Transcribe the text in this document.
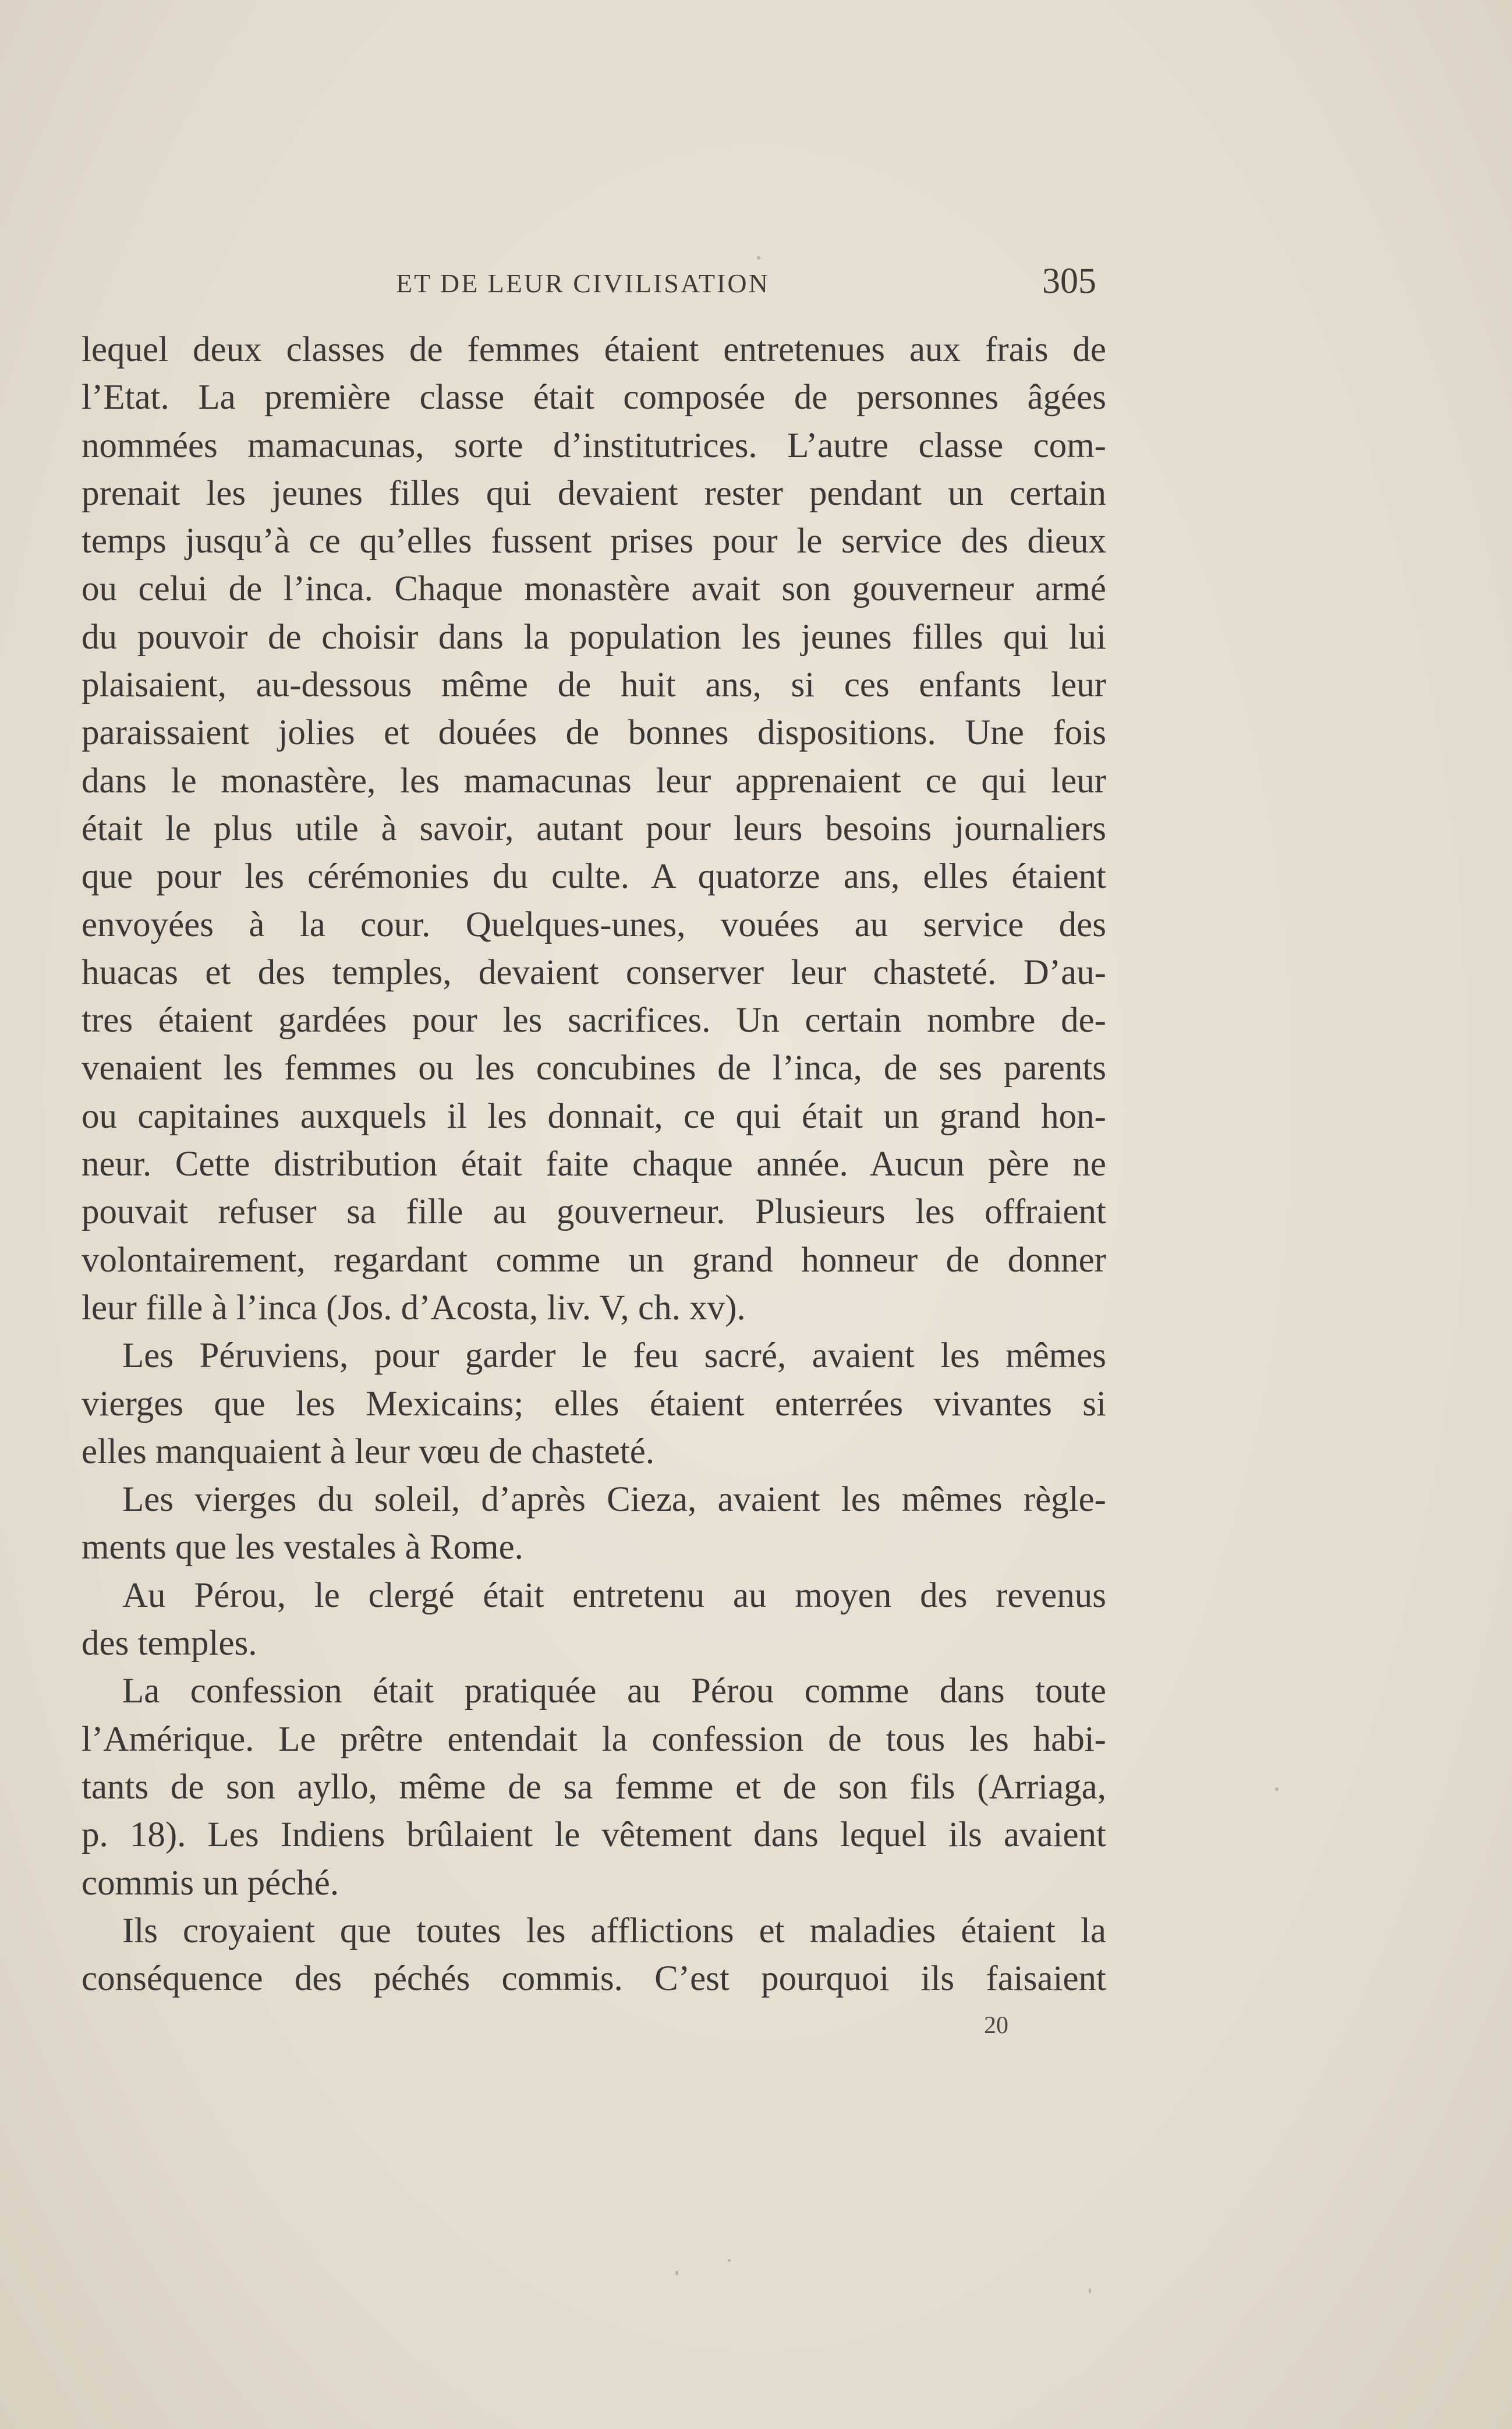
ET DE LEUR CIVILISATION	305
lequel deux classes de femmes étaient entretenues aux frais de
l’Etat. La première classe était composée de personnes âgées
nommées mamacunas, sorte d’institutrices. L’autre classe com-
prenait les jeunes filles qui devaient rester pendant un certain
temps jusqu’à ce qu’elles fussent prises pour le service des dieux
ou celui de l’inca. Chaque monastère avait son gouverneur armé
du pouvoir de choisir dans la population les jeunes filles qui lui
plaisaient, au-dessous même de huit ans, si ces enfants leur
paraissaient jolies et douées de bonnes dispositions. Une fois
dans le monastère, les mamacunas leur apprenaient ce qui leur
était le plus utile à savoir, autant pour leurs besoins journaliers
que pour les cérémonies du culte. A quatorze ans, elles étaient
envoyées à la cour. Quelques-unes, vouées au service des
huacas et des temples, devaient conserver leur chasteté. D’au-
tres étaient gardées pour les sacrifices. Un certain nombre de-
venaient les femmes ou les concubines de l’inca, de ses parents
ou capitaines auxquels il les donnait, ce qui était un grand hon-
neur. Cette distribution était faite chaque année. Aucun père ne
pouvait refuser sa fille au gouverneur. Plusieurs les offraient
volontairement, regardant comme un grand honneur de donner
leur fille à l’inca (Jos. d’Acosta, liv. V, ch. xv).
Les Péruviens, pour garder le feu sacré, avaient les mêmes
vierges que les Mexicains; elles étaient enterrées vivantes si
elles manquaient à leur vœu de chasteté.
Les vierges du soleil, d’après Cieza, avaient les mêmes règle-
ments que les vestales à Rome.
Au Pérou, le clergé était entretenu au moyen des revenus
des temples.
La confession était pratiquée au Pérou comme dans toute
l’Amérique. Le prêtre entendait la confession de tous les habi-
tants de son ayllo, même de sa femme et de son fils (Arriaga,
p. 18). Les Indiens brûlaient le vêtement dans lequel ils avaient
commis un péché.
Ils croyaient que toutes les afflictions et maladies étaient la
conséquence des péchés commis. C’est pourquoi ils faisaient
20
